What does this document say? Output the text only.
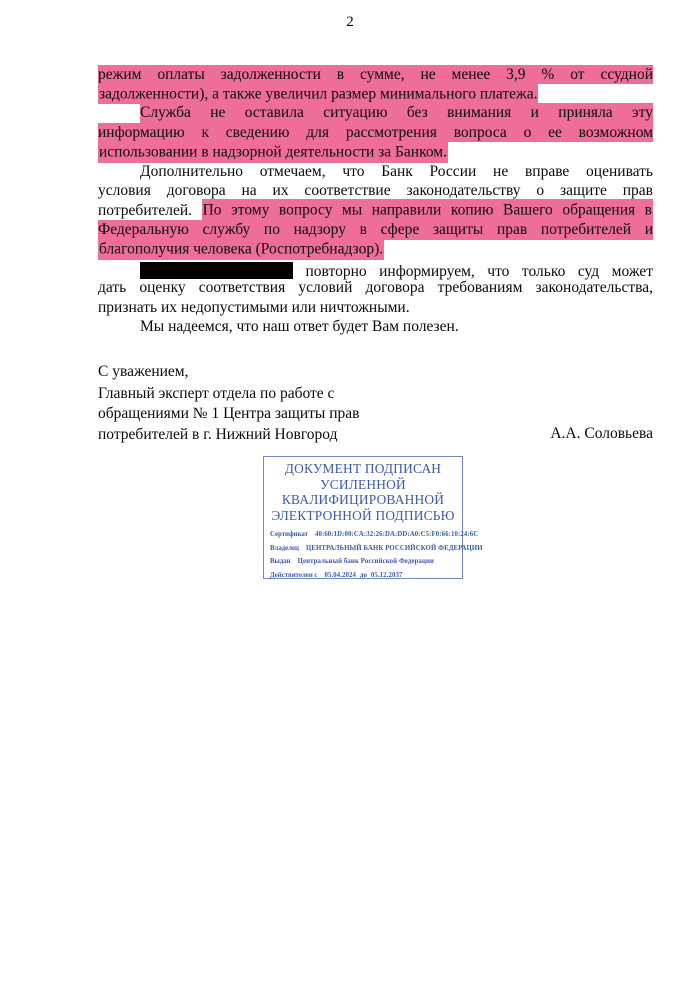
2
режим оплаты задолженности в сумме, не менее 3,9 % от ссудной
задолженности), а также увеличил размер минимального платежа.
Служба не оставила ситуацию без внимания и приняла эту
информацию к сведению для рассмотрения вопроса о ее возможном
использовании в надзорной деятельности за Банком.
Дополнительно отмечаем, что Банк России не вправе оценивать
условия договора на их соответствие законодательству о защите прав
потребителей. По этому вопросу мы направили копию Вашего обращения в
Федеральную службу по надзору в сфере защиты прав потребителей и
благополучия человека (Роспотребнадзор).
повторно информируем, что только суд может
дать оценку соответствия условий договора требованиям законодательства,
признать их недопустимыми или ничтожными.
Мы надеемся, что наш ответ будет Вам полезен.
С уважением,
Главный эксперт отдела по работе с
обращениями № 1 Центра защиты прав
потребителей в г. Нижний Новгород	А.А. Соловьева
ДОКУМЕНТ ПОДПИСАН
УСИЛЕННОЙ
КВАЛИФИЦИРОВАННОЙ
ЭЛЕКТРОННОЙ ПОДПИСЬЮ
Сертификат 40:60:1D:00:CA:32:26:DA:DD:A0:C5:F0:66:10:24:6C
Владелец ЦЕНТРАЛЬНЫЙ БАНК РОССИЙСКОЙ ФЕДЕРАЦИИ
Выдан Центральный банк Российской Федерации
Действителен с 05.04.2024 до 05.12.2037
